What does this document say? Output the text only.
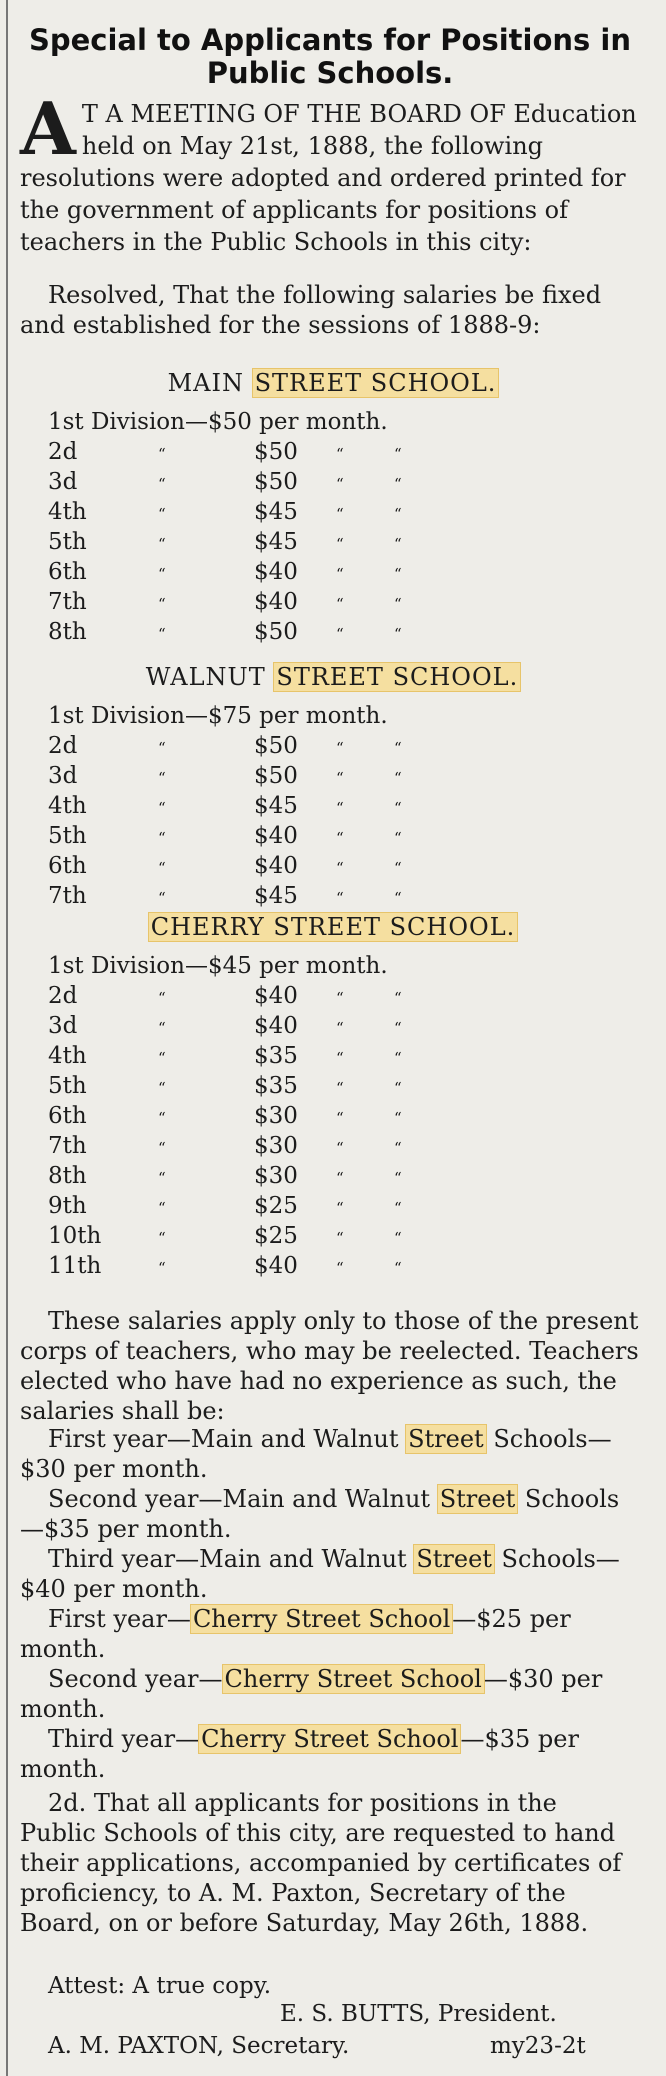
Special to Applicants for Positions in Public Schools.
A T A MEETING OF THE BOARD OF Education held on May 21st, 1888, the following resolutions were adopted and ordered printed for the government of applicants for positions of teachers in the Public Schools in this city:
Resolved, That the following salaries be fixed and established for the sessions of 1888-9:
MAIN STREET SCHOOL.
1st Division—$50 per month.
2d	“	$50	“	“
3d	“	$50	“	“
4th	“	$45	“	“
5th	“	$45	“	“
6th	“	$40	“	“
7th	“	$40	“	“
8th	“	$50	“	“
WALNUT STREET SCHOOL.
1st Division—$75 per month.
2d	“	$50	“	“
3d	“	$50	“	“
4th	“	$45	“	“
5th	“	$40	“	“
6th	“	$40	“	“
7th	“	$45	“	“
CHERRY STREET SCHOOL.
1st Division—$45 per month.
2d	“	$40	“	“
3d	“	$40	“	“
4th	“	$35	“	“
5th	“	$35	“	“
6th	“	$30	“	“
7th	“	$30	“	“
8th	“	$30	“	“
9th	“	$25	“	“
10th	“	$25	“	“
11th	“	$40	“	“
These salaries apply only to those of the present corps of teachers, who may be reelected. Teachers elected who have had no experience as such, the salaries shall be:
First year—Main and Walnut Street Schools—$30 per month.
Second year—Main and Walnut Street Schools—$35 per month.
Third year—Main and Walnut Street Schools—$40 per month.
First year—Cherry Street School—$25 per month.
Second year—Cherry Street School—$30 per month.
Third year—Cherry Street School—$35 per month.
2d. That all applicants for positions in the Public Schools of this city, are requested to hand their applications, accompanied by certificates of proficiency, to A. M. Paxton, Secretary of the Board, on or before Saturday, May 26th, 1888.
Attest: A true copy.
E. S. BUTTS, President.
A. M. PAXTON, Secretary.	my23-2t
